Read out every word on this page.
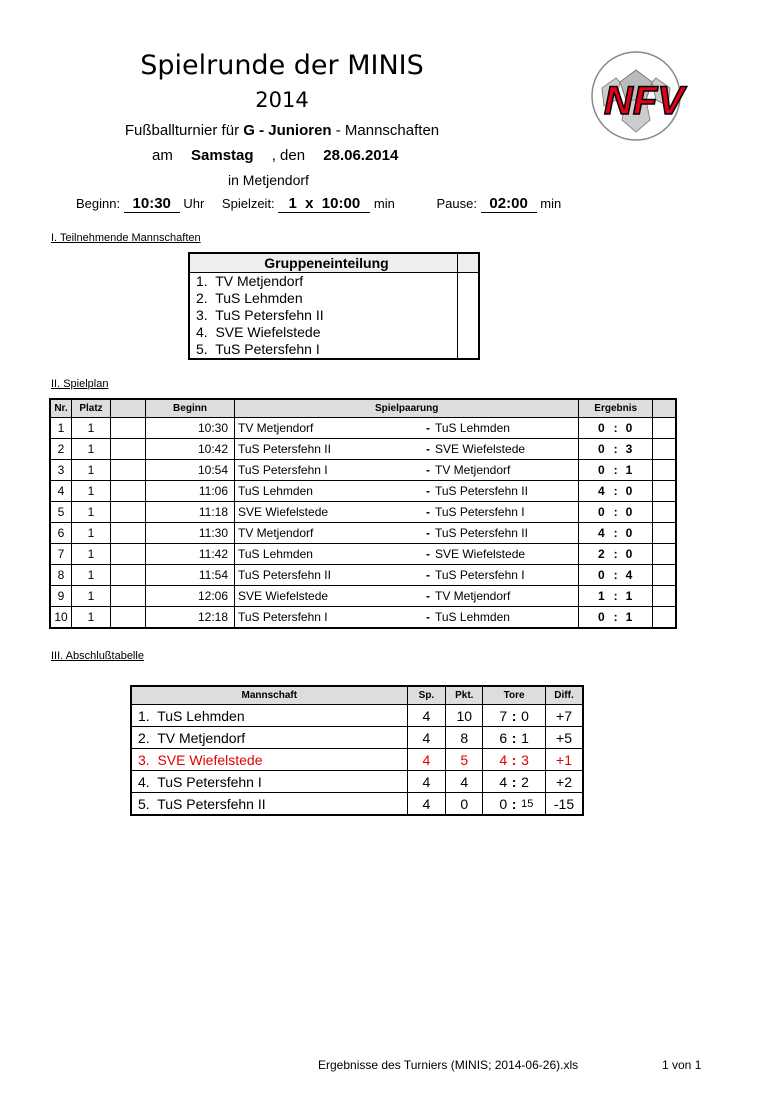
Spielrunde der MINIS
2014
Fußballturnier für G - Junioren - Mannschaften
am Samstag , den 28.06.2014
in Metjendorf
NFV
Beginn: 10:30 Uhr Spielzeit: 1  x  10:00 min	Pause: 02:00 min
I. Teilnehmende Mannschaften
Gruppeneinteilung	
1.  TV Metjendorf	
2.  TuS Lehmden	
3.  TuS Petersfehn II	
4.  SVE Wiefelstede	
5.  TuS Petersfehn I	
II. Spielplan
Nr.	Platz		Beginn	Spielpaarung			Ergebnis			
1	1		10:30	TV Metjendorf	-	TuS Lehmden	0	:	0	
2	1		10:42	TuS Petersfehn II	-	SVE Wiefelstede	0	:	3	
3	1		10:54	TuS Petersfehn I	-	TV Metjendorf	0	:	1	
4	1		11:06	TuS Lehmden	-	TuS Petersfehn II	4	:	0	
5	1		11:18	SVE Wiefelstede	-	TuS Petersfehn I	0	:	0	
6	1		11:30	TV Metjendorf	-	TuS Petersfehn II	4	:	0	
7	1		11:42	TuS Lehmden	-	SVE Wiefelstede	2	:	0	
8	1		11:54	TuS Petersfehn II	-	TuS Petersfehn I	0	:	4	
9	1		12:06	SVE Wiefelstede	-	TV Metjendorf	1	:	1	
10	1		12:18	TuS Petersfehn I	-	TuS Lehmden	0	:	1	
III. Abschlußtabelle
Mannschaft	Sp.	Pkt.	Tore			Diff.
1.  TuS Lehmden	4	10	7	:	0	+7
2.  TV Metjendorf	4	8	6	:	1	+5
3.  SVE Wiefelstede	4	5	4	:	3	+1
4.  TuS Petersfehn I	4	4	4	:	2	+2
5.  TuS Petersfehn II	4	0	0	:	15	-15
Ergebnisse des Turniers (MINIS; 2014-06-26).xls	1 von 1
